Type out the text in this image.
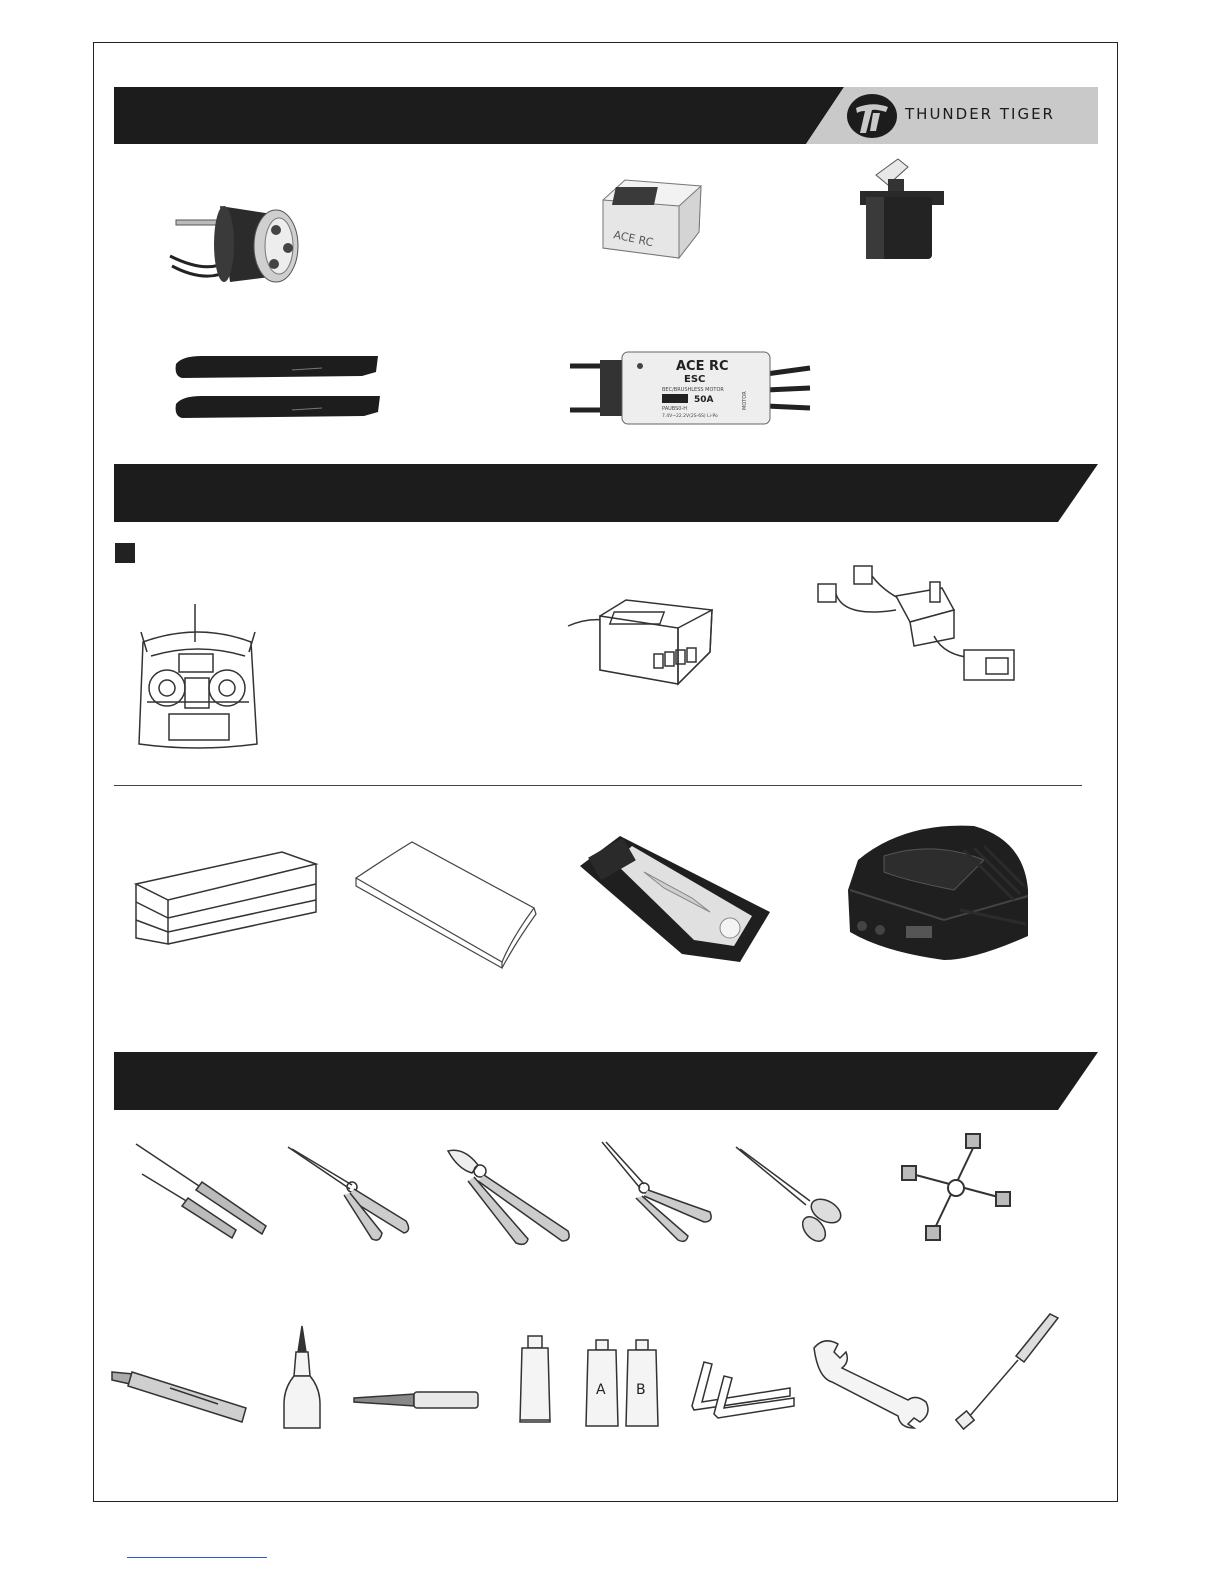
THUNDER TIGER
ACE RC
ACE RC
ESC
BEC/BRUSHLESS MOTOR
50A
PAUBS0-H
7.4V~22.2V(2S-6S) Li-Po
MOTOR
A B
